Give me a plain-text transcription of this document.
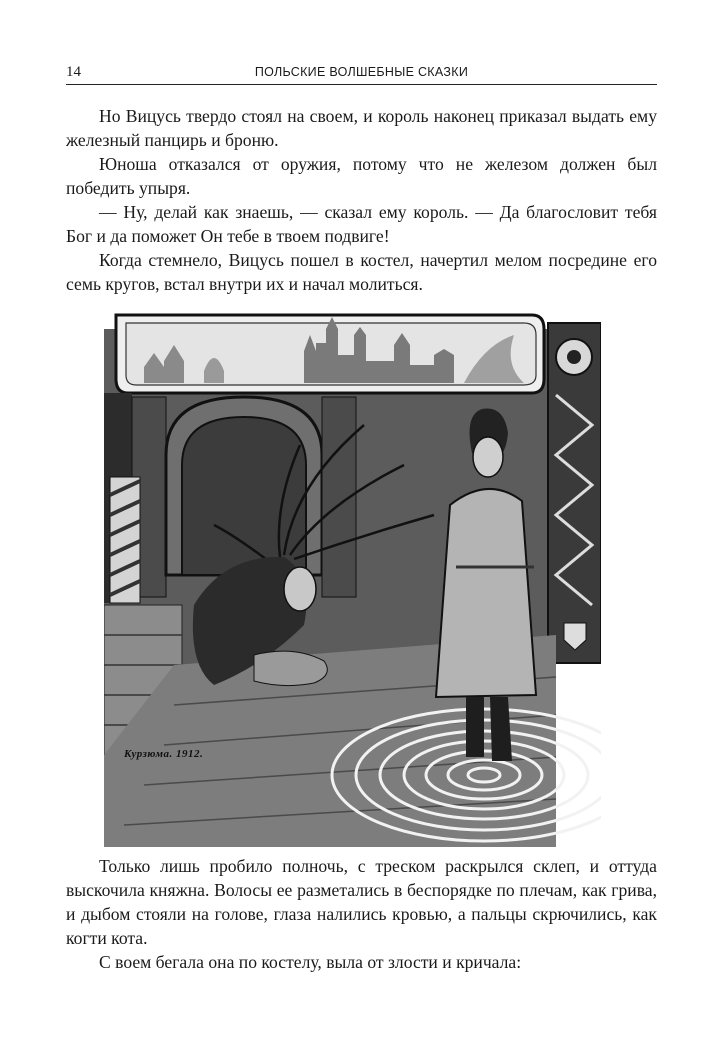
14	ПОЛЬСКИЕ ВОЛШЕБНЫЕ СКАЗКИ

Но Вицусь твердо стоял на своем, и король наконец приказал выдать ему железный панцирь и броню.

Юноша отказался от оружия, потому что не железом должен был победить упыря.

— Ну, делай как знаешь, — сказал ему король. — Да благословит тебя Бог и да поможет Он тебе в твоем подвиге!

Когда стемнело, Вицусь пошел в костел, начертил мелом посредине его семь кругов, встал внутри их и начал молиться.

Курзюма. 1912.

Только лишь пробило полночь, с треском раскрылся склеп, и оттуда выскочила княжна. Волосы ее разметались в беспорядке по плечам, как грива, и дыбом стояли на голове, глаза налились кровью, а пальцы скрючились, как когти кота.

С воем бегала она по костелу, выла от злости и кричала:
